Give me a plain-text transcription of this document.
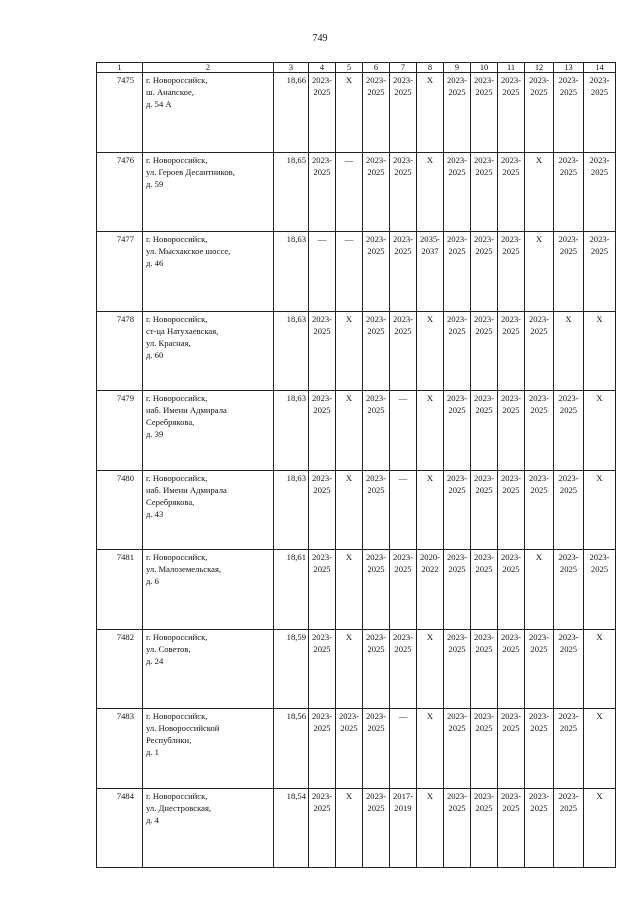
749
1	2	3	4	5	6	7	8	9	10	11	12	13	14
7475	г. Новороссийск,
ш. Анапское,
д. 54 А	18,66	2023-
2025	Х	2023-
2025	2023-
2025	Х	2023-
2025	2023-
2025	2023-
2025	2023-
2025	2023-
2025	2023-
2025
7476	г. Новороссийск,
ул. Героев Десантников,
д. 59	18,65	2023-
2025	—	2023-
2025	2023-
2025	Х	2023-
2025	2023-
2025	2023-
2025	Х	2023-
2025	2023-
2025
7477	г. Новороссийск,
ул. Мысхакское шоссе,
д. 46	18,63	—	—	2023-
2025	2023-
2025	2035-
2037	2023-
2025	2023-
2025	2023-
2025	Х	2023-
2025	2023-
2025
7478	г. Новороссийск,
ст-ца Натухаевская,
ул. Красная,
д. 60	18,63	2023-
2025	Х	2023-
2025	2023-
2025	Х	2023-
2025	2023-
2025	2023-
2025	2023-
2025	Х	Х
7479	г. Новороссийск,
наб. Имени Адмирала
Серебрякова,
д. 39	18,63	2023-
2025	Х	2023-
2025	—	Х	2023-
2025	2023-
2025	2023-
2025	2023-
2025	2023-
2025	Х
7480	г. Новороссийск,
наб. Имени Адмирала
Серебрякова,
д. 43	18,63	2023-
2025	Х	2023-
2025	—	Х	2023-
2025	2023-
2025	2023-
2025	2023-
2025	2023-
2025	Х
7481	г. Новороссийск,
ул. Малоземельская,
д. 6	18,61	2023-
2025	Х	2023-
2025	2023-
2025	2020-
2022	2023-
2025	2023-
2025	2023-
2025	Х	2023-
2025	2023-
2025
7482	г. Новороссийск,
ул. Советов,
д. 24	18,59	2023-
2025	Х	2023-
2025	2023-
2025	Х	2023-
2025	2023-
2025	2023-
2025	2023-
2025	2023-
2025	Х
7483	г. Новороссийск,
ул. Новороссийской
Республики,
д. 1	18,56	2023-
2025	2023-
2025	2023-
2025	—	Х	2023-
2025	2023-
2025	2023-
2025	2023-
2025	2023-
2025	Х
7484	г. Новороссийск,
ул. Днестровская,
д. 4	18,54	2023-
2025	Х	2023-
2025	2017-
2019	Х	2023-
2025	2023-
2025	2023-
2025	2023-
2025	2023-
2025	Х
